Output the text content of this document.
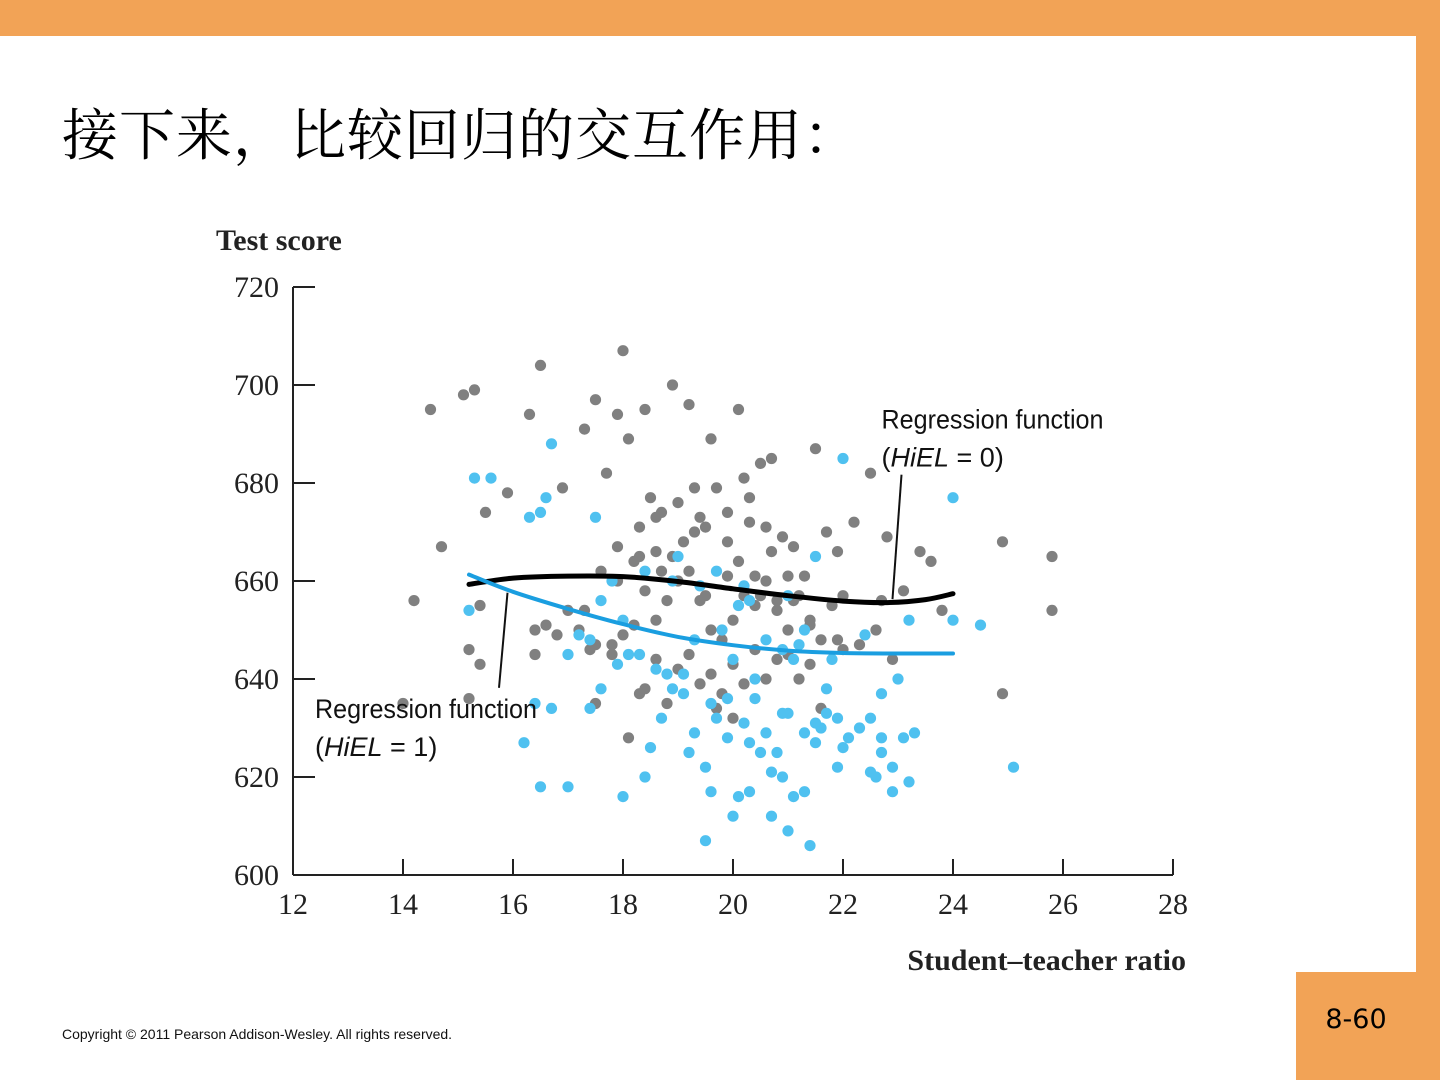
8-60
接下来，比较回归的交互作用：
600
620
640
660
680
700
720
12	14	16	18	20	22	24	26	28
Regression function
(HiEL = 0)
Regression function
(HiEL = 1)
Test score
Student–teacher ratio
Copyright © 2011 Pearson Addison-Wesley. All rights reserved.
